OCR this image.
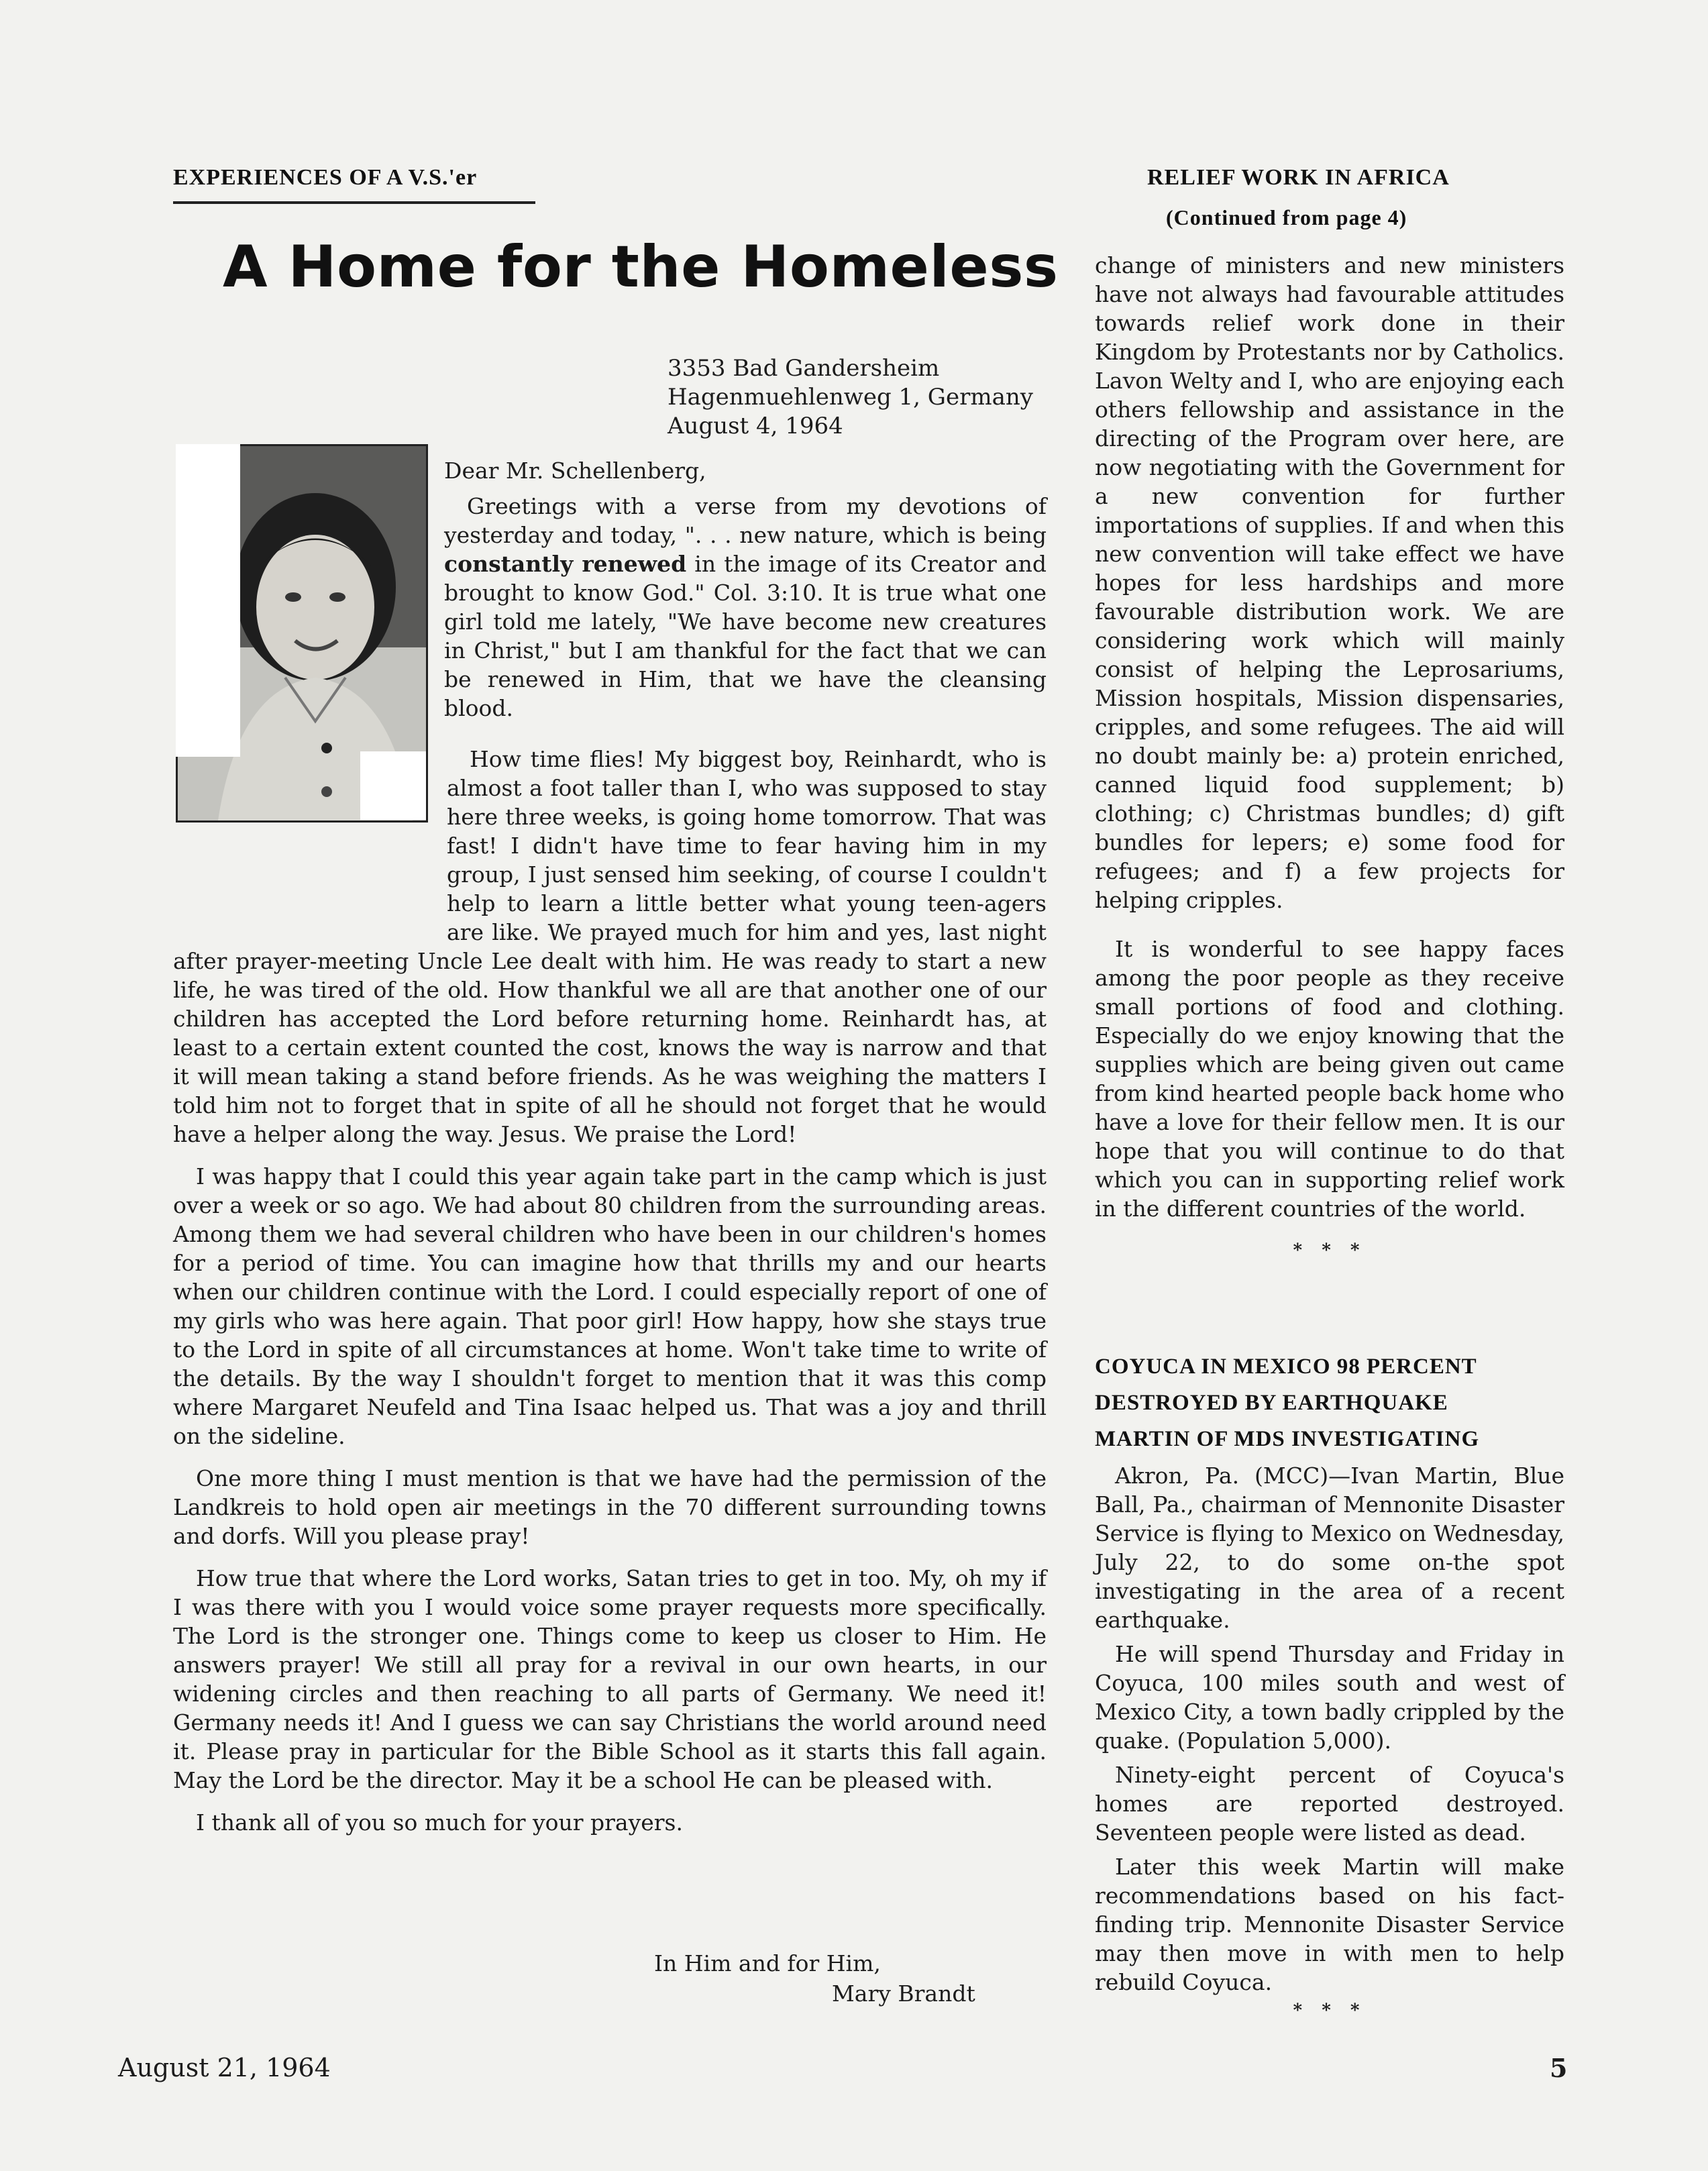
EXPERIENCES OF A V.S.'er
A Home for the Homeless
3353 Bad Gandersheim
Hagenmuehlenweg 1, Germany
August 4, 1964

Dear Mr. Schellenberg,

Greetings with a verse from my devotions of yesterday and today, ". . . new nature, which is being constantly renewed in the image of its Creator and brought to know God." Col. 3:10. It is true what one girl told me lately, "We have become new creatures in Christ," but I am thankful for the fact that we can be renewed in Him, that we have the cleansing blood.

How time flies! My biggest boy, Reinhardt, who is almost a foot taller than I, who was supposed to stay here three weeks, is going home tomorrow. That was fast! I didn't have time to fear having him in my group, I just sensed him seeking, of course I couldn't help to learn a little better what young teen-agers are like. We prayed much for him and yes, last night after prayer-meeting Uncle Lee dealt with him. He was ready to start a new life, he was tired of the old. How thankful we all are that another one of our children has accepted the Lord before returning home. Reinhardt has, at least to a certain extent counted the cost, knows the way is narrow and that it will mean taking a stand before friends. As he was weighing the matters I told him not to forget that in spite of all he should not forget that he would have a helper along the way. Jesus. We praise the Lord!

I was happy that I could this year again take part in the camp which is just over a week or so ago. We had about 80 children from the surrounding areas. Among them we had several children who have been in our children's homes for a period of time. You can imagine how that thrills my and our hearts when our children continue with the Lord. I could especially report of one of my girls who was here again. That poor girl! How happy, how she stays true to the Lord in spite of all circumstances at home. Won't take time to write of the details. By the way I shouldn't forget to mention that it was this comp where Margaret Neufeld and Tina Isaac helped us. That was a joy and thrill on the sideline.

One more thing I must mention is that we have had the permission of the Landkreis to hold open air meetings in the 70 different surrounding towns and dorfs. Will you please pray!

How true that where the Lord works, Satan tries to get in too. My, oh my if I was there with you I would voice some prayer requests more specifically. The Lord is the stronger one. Things come to keep us closer to Him. He answers prayer! We still all pray for a revival in our own hearts, in our widening circles and then reaching to all parts of Germany. We need it! Germany needs it! And I guess we can say Christians the world around need it. Please pray in particular for the Bible School as it starts this fall again. May the Lord be the director. May it be a school He can be pleased with.

I thank all of you so much for your prayers.

In Him and for Him,
Mary Brandt
RELIEF WORK IN AFRICA
(Continued from page 4)

change of ministers and new ministers have not always had favourable attitudes towards relief work done in their Kingdom by Protestants nor by Catholics. Lavon Welty and I, who are enjoying each others fellowship and assistance in the directing of the Program over here, are now negotiating with the Government for a new convention for further importations of supplies. If and when this new convention will take effect we have hopes for less hardships and more favourable distribution work. We are considering work which will mainly consist of helping the Leprosariums, Mission hospitals, Mission dispensaries, cripples, and some refugees. The aid will no doubt mainly be: a) protein enriched, canned liquid food supplement; b) clothing; c) Christmas bundles; d) gift bundles for lepers; e) some food for refugees; and f) a few projects for helping cripples.

It is wonderful to see happy faces among the poor people as they receive small portions of food and clothing. Especially do we enjoy knowing that the supplies which are being given out came from kind hearted people back home who have a love for their fellow men. It is our hope that you will continue to do that which you can in supporting relief work in the different countries of the world.

* * *
COYUCA IN MEXICO 98 PERCENT
DESTROYED BY EARTHQUAKE
MARTIN OF MDS INVESTIGATING

Akron, Pa. (MCC)—Ivan Martin, Blue Ball, Pa., chairman of Mennonite Disaster Service is flying to Mexico on Wednesday, July 22, to do some on-the spot investigating in the area of a recent earthquake.

He will spend Thursday and Friday in Coyuca, 100 miles south and west of Mexico City, a town badly crippled by the quake. (Population 5,000).

Ninety-eight percent of Coyuca's homes are reported destroyed. Seventeen people were listed as dead.

Later this week Martin will make recommendations based on his fact-finding trip. Mennonite Disaster Service may then move in with men to help rebuild Coyuca.

* * *
August 21, 1964	5
